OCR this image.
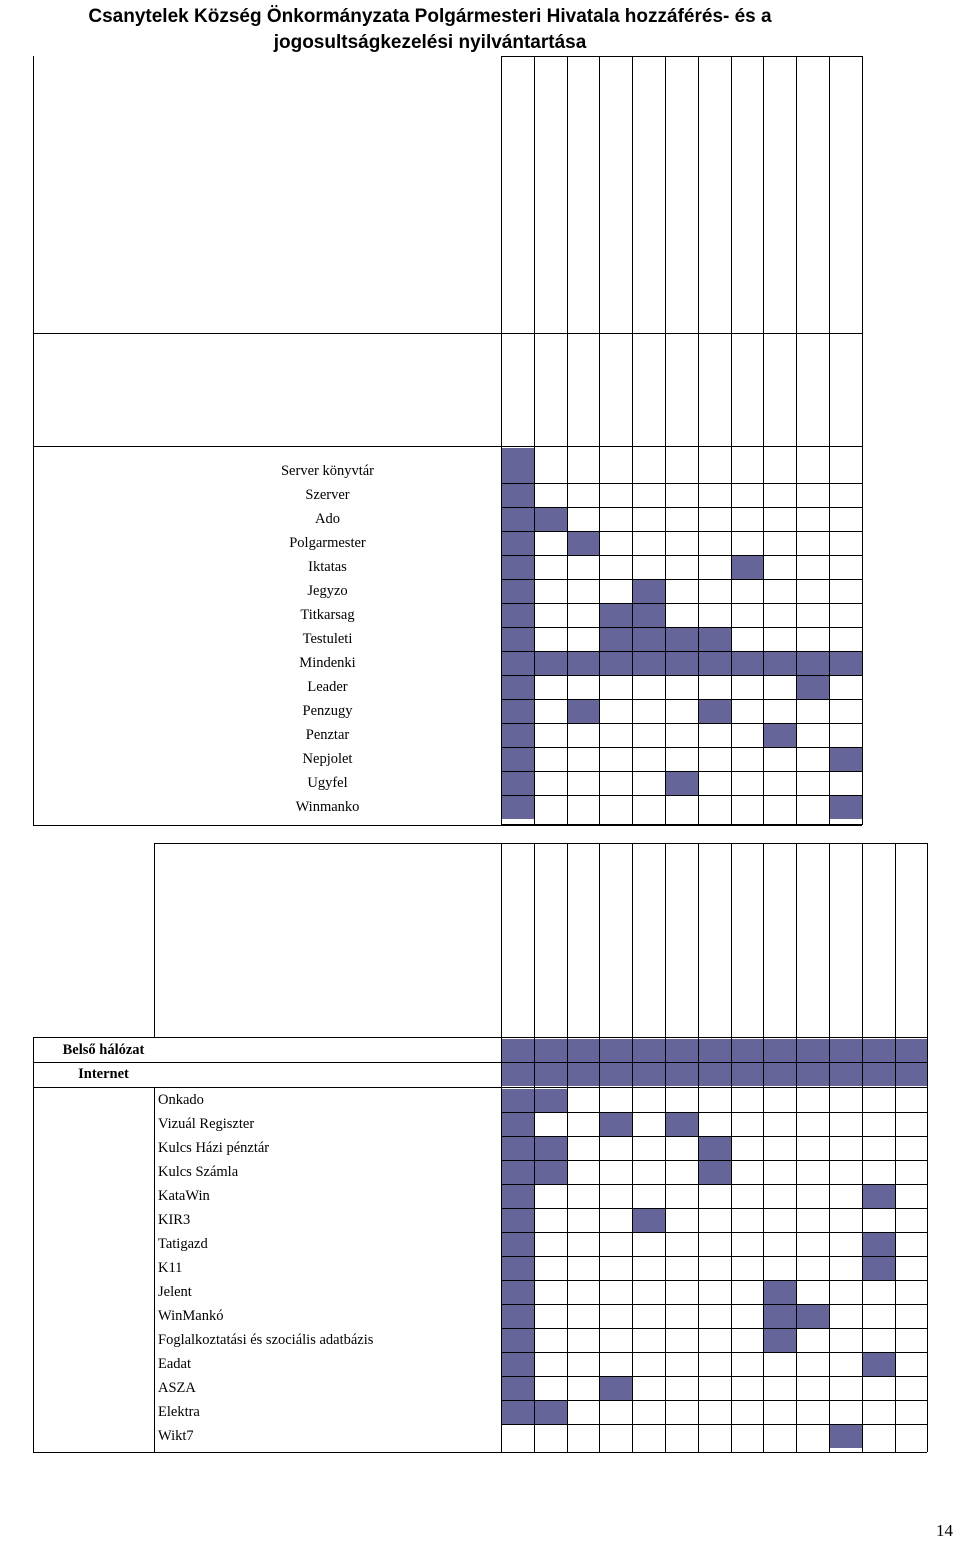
Csanytelek Község Önkormányzata Polgármesteri Hivatala hozzáférés- és a
jogosultságkezelési nyilvántartása
Server könyvtár
Szerver
Ado
Polgarmester
Iktatas
Jegyzo
Titkarsag
Testuleti
Mindenki
Leader
Penzugy
Penztar
Nepjolet
Ugyfel
Winmanko
Belső hálózat
Internet
Onkado
Vizuál Regiszter
Kulcs Házi pénztár
Kulcs Számla
KataWin
KIR3
Tatigazd
K11
Jelent
WinMankó
Foglalkoztatási és szociális adatbázis
Eadat
ASZA
Elektra
Wikt7
14
